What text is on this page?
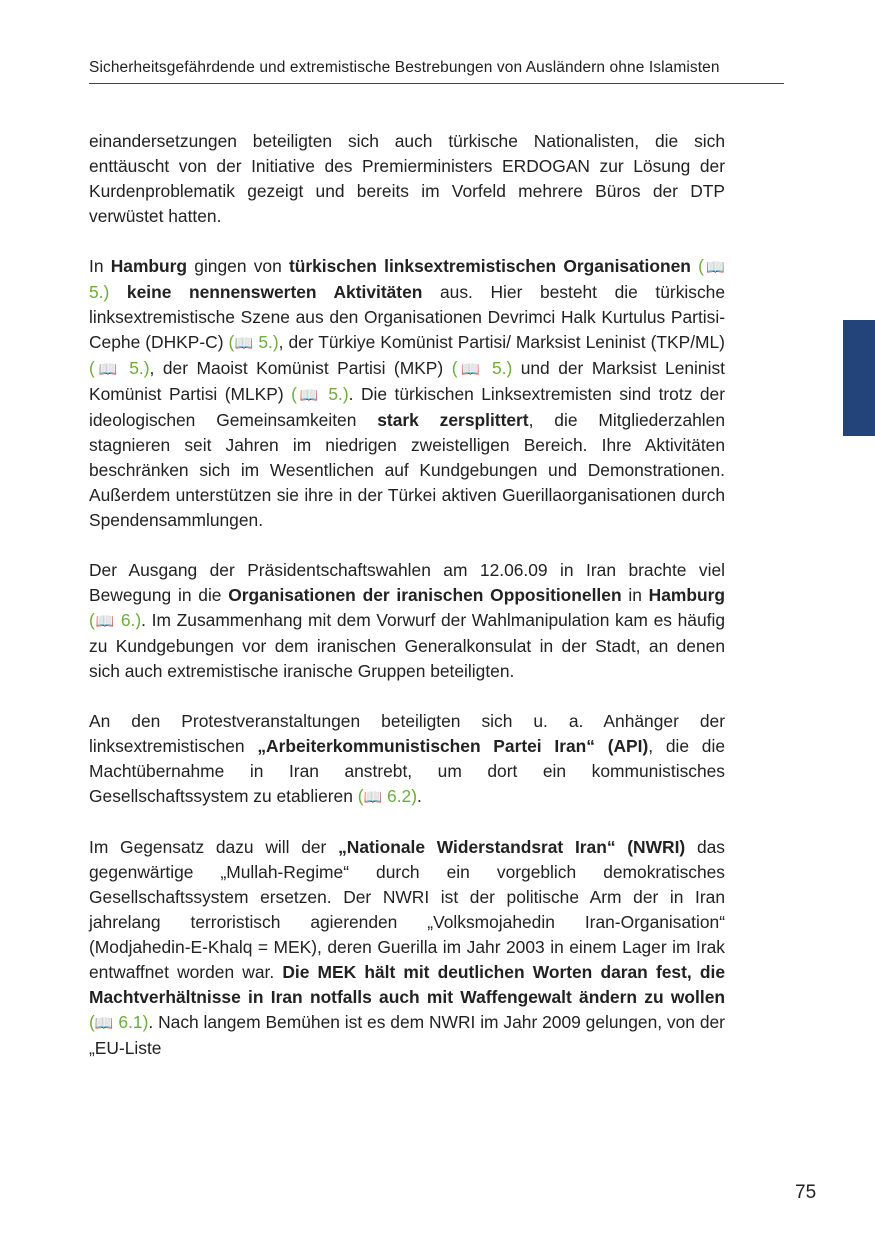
Sicherheitsgefährdende und extremistische Bestrebungen von Ausländern ohne Islamisten

einandersetzungen beteiligten sich auch türkische Nationalisten, die sich enttäuscht von der Initiative des Premierministers ERDOGAN zur Lösung der Kurdenproblematik gezeigt und bereits im Vorfeld mehrere Büros der DTP verwüstet hatten.

In Hamburg gingen von türkischen linksextremistischen Organisationen (📖 5.) keine nennenswerten Aktivitäten aus. Hier besteht die türkische linksextremistische Szene aus den Organisationen Devrimci Halk Kurtulus Partisi-Cephe (DHKP-C) (📖 5.), der Türkiye Komünist Partisi/ Marksist Leninist (TKP/ML) (📖 5.), der Maoist Komünist Partisi (MKP) (📖 5.) und der Marksist Leninist Komünist Partisi (MLKP) (📖 5.). Die türkischen Linksextremisten sind trotz der ideologischen Gemeinsamkeiten stark zersplittert, die Mitgliederzahlen stagnieren seit Jahren im niedrigen zweistelligen Bereich. Ihre Aktivitäten beschränken sich im Wesentlichen auf Kundgebungen und Demonstrationen. Außerdem unterstützen sie ihre in der Türkei aktiven Guerillaorganisationen durch Spendensammlungen.

Der Ausgang der Präsidentschaftswahlen am 12.06.09 in Iran brachte viel Bewegung in die Organisationen der iranischen Oppositionellen in Hamburg (📖 6.). Im Zusammenhang mit dem Vorwurf der Wahlmanipulation kam es häufig zu Kundgebungen vor dem iranischen Generalkonsulat in der Stadt, an denen sich auch extremistische iranische Gruppen beteiligten.

An den Protestveranstaltungen beteiligten sich u. a. Anhänger der linksextremistischen „Arbeiterkommunistischen Partei Iran“ (API), die die Machtübernahme in Iran anstrebt, um dort ein kommunistisches Gesellschaftssystem zu etablieren (📖 6.2).

Im Gegensatz dazu will der „Nationale Widerstandsrat Iran“ (NWRI) das gegenwärtige „Mullah-Regime“ durch ein vorgeblich demokratisches Gesellschaftssystem ersetzen. Der NWRI ist der politische Arm der in Iran jahrelang terroristisch agierenden „Volksmojahedin Iran-Organisation“ (Modjahedin-E-Khalq = MEK), deren Guerilla im Jahr 2003 in einem Lager im Irak entwaffnet worden war. Die MEK hält mit deutlichen Worten daran fest, die Machtverhältnisse in Iran notfalls auch mit Waffengewalt ändern zu wollen (📖 6.1). Nach langem Bemühen ist es dem NWRI im Jahr 2009 gelungen, von der „EU-Liste

75
